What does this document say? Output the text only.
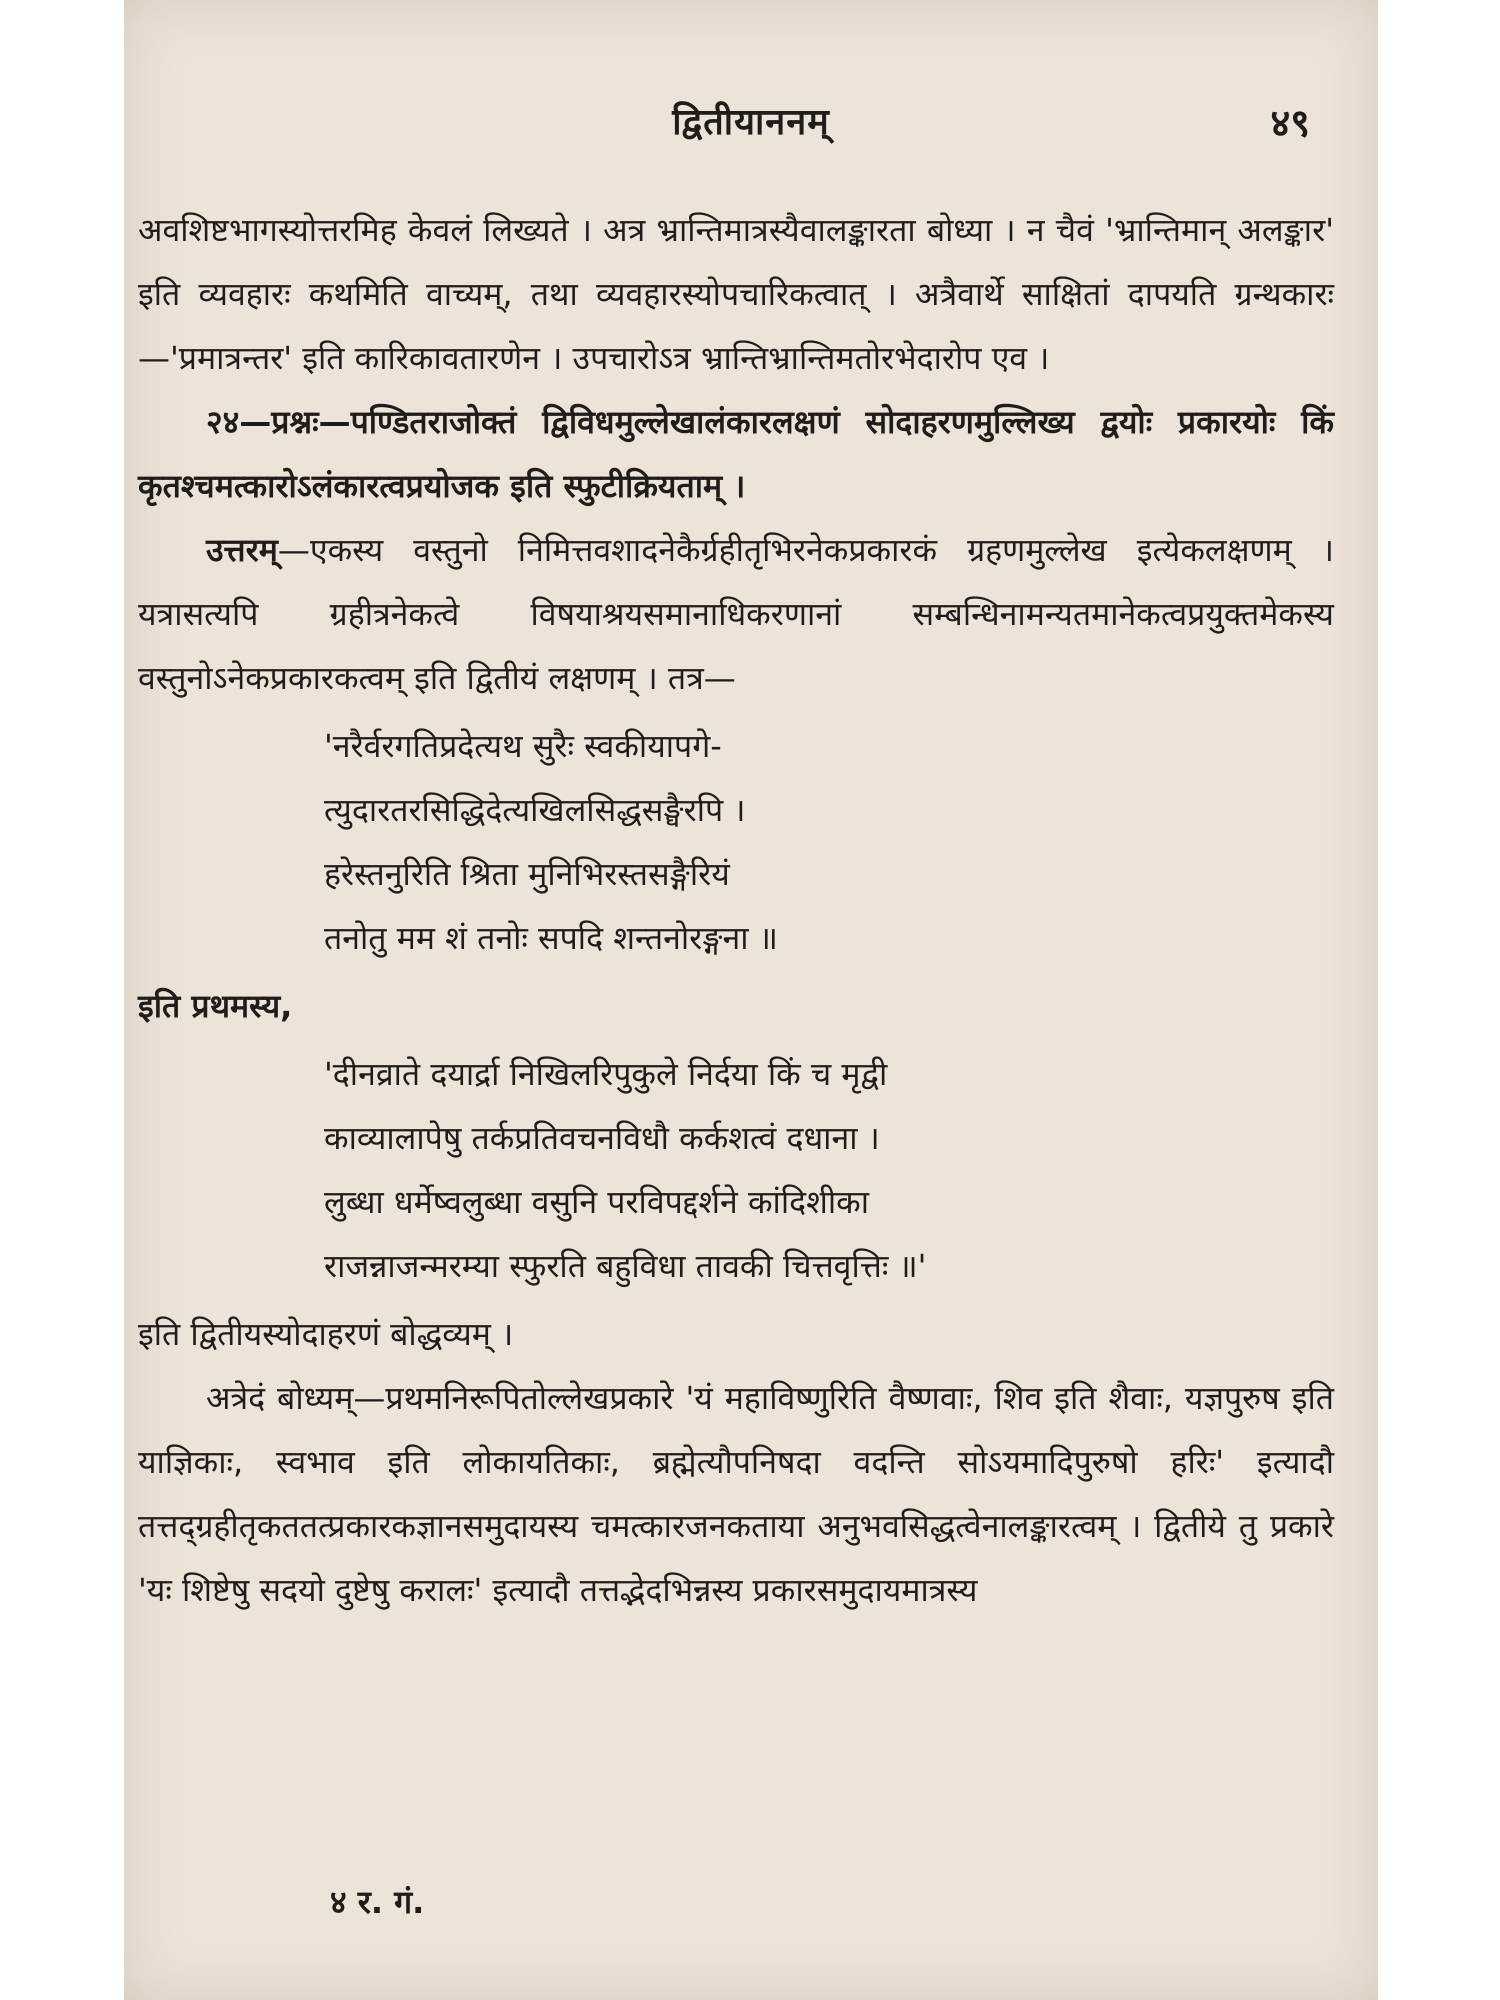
द्वितीयाननम्	४९

अवशिष्टभागस्योत्तरमिह केवलं लिख्यते । अत्र भ्रान्तिमात्रस्यैवालङ्कारता बोध्या । न चैवं 'भ्रान्तिमान् अलङ्कार' इति व्यवहारः कथमिति वाच्यम्, तथा व्यवहारस्योपचारिकत्वात् । अत्रैवार्थे साक्षितां दापयति ग्रन्थकारः—'प्रमात्रन्तर' इति कारिकावतारणेन । उपचारोऽत्र भ्रान्तिभ्रान्तिमतोरभेदारोप एव ।

२४—प्रश्नः—पण्डितराजोक्तं द्विविधमुल्लेखालंकारलक्षणं सोदाहरणमुल्लिख्य द्वयोः प्रकारयोः किं कृतश्चमत्कारोऽलंकारत्वप्रयोजक इति स्फुटीक्रियताम् ।

उत्तरम्—एकस्य वस्तुनो निमित्तवशादनेकैर्ग्रहीतृभिरनेकप्रकारकं ग्रहणमुल्लेख इत्येकलक्षणम् । यत्रासत्यपि ग्रहीत्रनेकत्वे विषयाश्रयसमानाधिकरणानां सम्बन्धिनामन्यतमानेकत्वप्रयुक्तमेकस्य वस्तुनोऽनेकप्रकारकत्वम् इति द्वितीयं लक्षणम् । तत्र—

'नरैर्वरगतिप्रदेत्यथ सुरैः स्वकीयापगे-
त्युदारतरसिद्धिदेत्यखिलसिद्धसङ्घैरपि ।
हरेस्तनुरिति श्रिता मुनिभिरस्तसङ्गैरियं
तनोतु मम शं तनोः सपदि शन्तनोरङ्गना ॥

इति प्रथमस्य,

'दीनव्राते दयार्द्रा निखिलरिपुकुले निर्दया किं च मृद्वी
काव्यालापेषु तर्कप्रतिवचनविधौ कर्कशत्वं दधाना ।
लुब्धा धर्मेष्वलुब्धा वसुनि परविपद्दर्शने कांदिशीका
राजन्नाजन्मरम्या स्फुरति बहुविधा तावकी चित्तवृत्तिः ॥'

इति द्वितीयस्योदाहरणं बोद्धव्यम् ।

अत्रेदं बोध्यम्—प्रथमनिरूपितोल्लेखप्रकारे 'यं महाविष्णुरिति वैष्णवाः, शिव इति शैवाः, यज्ञपुरुष इति याज्ञिकाः, स्वभाव इति लोकायतिकाः, ब्रह्मेत्यौपनिषदा वदन्ति सोऽयमादिपुरुषो हरिः' इत्यादौ तत्तद्ग्रहीतृकततत्प्रकारकज्ञानसमुदायस्य चमत्कारजनकताया अनुभवसिद्धत्वेनालङ्कारत्वम् । द्वितीये तु प्रकारे 'यः शिष्टेषु सदयो दुष्टेषु करालः' इत्यादौ तत्तद्भेदभिन्नस्य प्रकारसमुदायमात्रस्य

४ र. गं.
